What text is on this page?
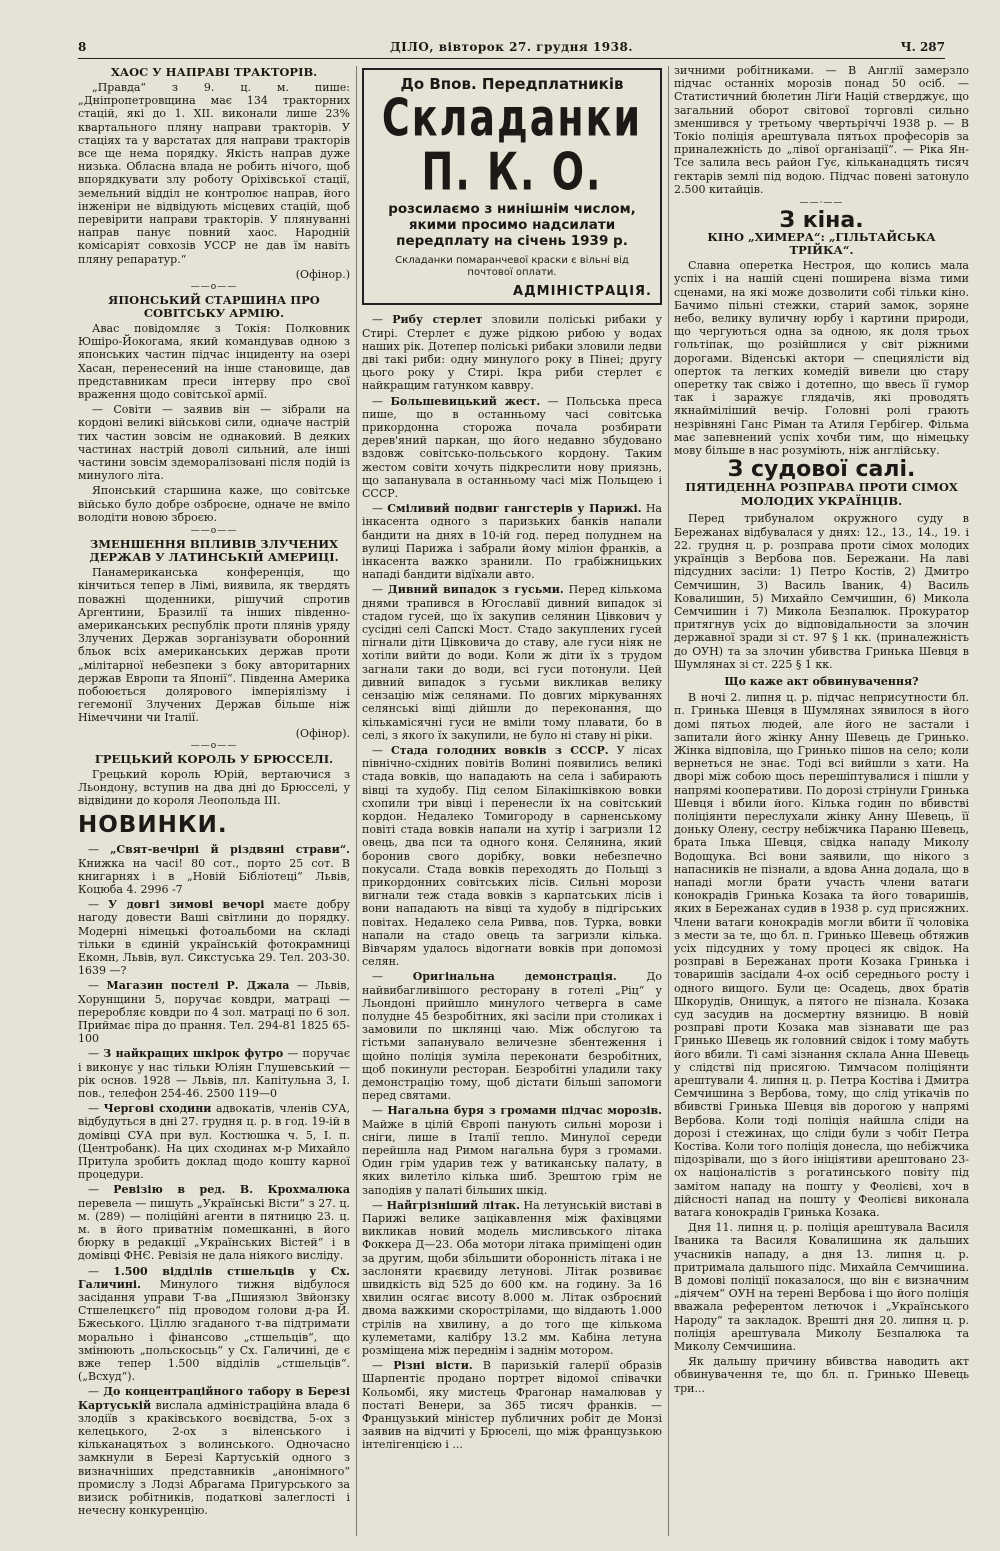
8	ДІЛО, вівторок 27. грудня 1938.	Ч. 287
ХАОС У НАПРАВІ ТРАКТОРІВ.

„Правда“ з 9. ц. м. пише: „Дніпропетровщина має 134 тракторних стацій, які до 1. ХІІ. виконали лише 23% квартального пляну направи тракторів. У стаціях та у варстатах для направи тракторів все ще нема порядку. Якість направ дуже низька. Обласна влада не робить нічого, щоб впорядкувати злу роботу Оріхівської стації, земельний відділ не контролює направ, його інженіри не відвідують місцевих стацій, щоб перевірити направи тракторів. У плянуванні направ панує повний хаос. Народній комісаріят совхозів УССР не дав їм навіть пляну репаратур.“

(Офінор.)
——o——
ЯПОНСЬКИЙ СТАРШИНА ПРО СОВІТСЬКУ АРМІЮ.

Авас повідомляє з Токія: Полковник Юшіро-Йокогама, який командував одною з японських частин підчас інциденту на озері Хасан, перенесений на інше становище, дав представникам преси інтерву про свої враження щодо совітської армії.

— Совіти — заявив він — зібрали на кордоні великі військові сили, одначе настрій тих частин зовсім не однаковий. В деяких частинах настрій доволі сильний, але інші частини зовсім здеморалізовані після подій із минулого літа.

Японський старшина каже, що совітське військо було добре озброєне, одначе не вміло володіти новою зброєю.

——o——
ЗМЕНШЕННЯ ВПЛИВІВ ЗЛУЧЕНИХ ДЕРЖАВ У ЛАТИНСЬКІЙ АМЕРИЦІ.

Панамериканська конференція, що кінчиться тепер в Лімі, виявила, як твердять поважні щоденники, рішучий спротив Аргентини, Бразилії та інших південно-американських республік проти плянів уряду Злучених Держав зорганізувати оборонний бльок всіх американських держав проти „мілітарної небезпеки з боку авторитарних держав Европи та Японії“. Південна Америка побоюється долярового імперіялізму і гегемонії Злучених Держав більше ніж Німеччини чи Італії.

(Офінор).
——o——
ГРЕЦЬКИЙ КОРОЛЬ У БРЮССЕЛІ.

Грецький король Юрій, вертаючися з Льондону, вступив на два дні до Брюсселі, у відвідини до короля Леопольда ІІІ.

НОВИНКИ.

— „Свят-вечірні й різдвяні страви“. Книжка на часі! 80 сот., порто 25 сот. В книгарнях і в „Новій Бібліотеці“ Львів, Коцюба 4. 2996 -7

— У довгі зимові вечорі маєте добру нагоду довести Ваші світлини до порядку. Модерні німецькі фотоальбоми на складі тільки в єдиній українській фотокрамниці Екомн, Львів, вул. Сикстуська 29. Тел. 203-30. 1639 —?

— Магазин постелі Р. Джала — Львів, Хорунщини 5, поручає ковдри, матраці — переробляє ковдри по 4 зол. матраці по 6 зол. Приймає піра до прання. Тел. 294-81 1825 65-100

— З найкращих шкірок футро — поручає і виконує у нас тільки Юліян Глушевський — рік основ. 1928 — Львів, пл. Капітульна 3, І. пов., телефон 254-46. 2500 119—0

— Чергові сходини адвокатів, членів СУА, відбудуться в дні 27. грудня ц. р. в год. 19-ій в домівці СУА при вул. Костюшка ч. 5, І. п. (Центробанк). На цих сходинах м-р Михайло Притула зробить доклад щодо кошту карної процедури.

— Ревізію в ред. В. Крохмалюка перевела — пишуть „Українські Вісти“ з 27. ц. м. (289) — поліційні агенти в пятницю 23. ц. м. в його приватнім помешканні, в його бюрку в редакції „Українських Вістей“ і в домівці ФНЄ. Ревізія не дала ніякого висліду.

— 1.500 відділів стшельців у Сх. Галичині. Минулого тижня відбулося засідання управи Т-ва „Пшиязюл Звйонзку Стшелецкєго“ під проводом голови д-ра Й. Бжеського. Ціллю згаданого т-ва підтримати морально і фінансово „стшельців“, що змінюють „польскосьць“ у Сх. Галичині, де є вже тепер 1.500 відділів „стшельців“. („Всхуд“).

— До концентраційного табору в Березі Картуській вислала адміністраційна влада 6 злодіїв з краківського воєвідства, 5-ох з келецького, 2-ох з віленського і кільканацятьох з волинського. Одночасно замкнули в Березі Картуській одного з визначніших представників „анонімного“ промислу з Лодзі Абрагама Пригурського за визиск робітників, податкові залеглості і нечесну конкуренцію.

До Впов. Передплатників
Складанки П. К. О.
розсилаємо з нинішнім числом, якими просимо надсилати передплату на січень 1939 р.
Складанки помаранчевої краски є вільні від почтової оплати.
АДМІНІСТРАЦІЯ.

— Рибу стерлет зловили поліські рибаки у Стирі. Стерлет є дуже рідкою рибою у водах наших рік. Дотепер поліські рибаки зловили ледви дві такі риби: одну минулого року в Пінеі; другу цього року у Стирі. Ікра риби стерлет є найкращим гатунком каввру.

— Большевицький жест. — Польська преса пише, що в останньому часі совітська прикордонна сторожа почала розбирати дерев'яний паркан, що його недавно збудовано вздовж совітсько-польського кордону. Таким жестом совіти хочуть підкреслити нову приязнь, що запанувала в останньому часі між Польщею і СССР.

— Сміливий подвиг гангстерів у Парижі. На інкасента одного з паризьких банків напали бандити на днях в 10-ій год. перед полуднем на вулиці Парижа і забрали йому міліон франків, а інкасента важко зранили. По грабіжницьких нападі бандити відїхали авто.

— Дивний випадок з гусьми. Перед кількома днями трапився в Югославії дивний випадок зі стадом гусей, що їх закупив селянин Цівкович у сусідні селі Сапскі Мост. Стадо закуплених гусей пігнали діти Цівковича до ставу, але гуси ніяк не хотіли вийти до води. Коли ж діти їх з трудом загнали таки до води, всі гуси потонули. Цей дивний випадок з гусьми викликав велику сензацію між селянами. По довгих міркуваннях селянські віщі дійшли до переконання, що кількамісячні гуси не вміли тому плавати, бо в селі, з якого їх закупили, не було ні ставу ні ріки.

— Стада голодних вовків з СССР. У лісах північно-східних повітів Волині появились великі стада вовків, що нападають на села і забирають вівці та худобу. Під селом Білакішківкою вовки схопили три вівці і перенесли їх на совітський кордон. Недалеко Томигороду в сарненському повіті стада вовків напали на хутір і загризли 12 овець, два пси та одного коня. Селянина, який боронив свого дорібку, вовки небезпечно покусали. Стада вовків переходять до Польщі з прикордонних совітських лісів. Сильні морози вигнали теж стада вовків з карпатських лісів і вони нападають на вівці та худобу в підгірських повітах. Недалеко села Ривва, пов. Турка, вовки напали на стадо овець та загризли кілька. Вівчарям удалось відогнати вовків при допомозі селян.

— Оригінальна демонстрація. До найвибагливішого ресторану в готелі „Ріц“ у Льондоні прийшло минулого четверга в саме полудне 45 безробітних, які засіли при столиках і замовили по шклянці чаю. Між обслугою та гістьми запанувало величезне збентеження і щойно поліція зуміла переконати безробітних, щоб покинули ресторан. Безробітні уладили таку демонстрацію тому, щоб дістати більші запомоги перед святами.

— Нагальна буря з громами підчас морозів. Майже в цілій Європі панують сильні морози і сніги, лише в Італії тепло. Минулої середи перейшла над Римом нагальна буря з громами. Один грім ударив теж у ватиканську палату, в яких вилетіло кілька шиб. Зрештою грім не заподіяв у палаті більших шкід.

— Найгрізніший літак. На летунській виставі в Парижі велике зацікавлення між фахівцями викликав новий модель мисливського літака Фоккера Д—23. Оба мотори літака приміщені один за другим, щоби збільшити оборонність літака і не заслоняти краєвиду летунові. Літак розвиває швидкість від 525 до 600 км. на годину. За 16 хвилин осягає висоту 8.000 м. Літак озброєний двома важкими скорострілами, що віддають 1.000 стрілів на хвилину, а до того ще кількома кулеметами, калібру 13.2 мм. Кабіна летуна розміщена між переднім і заднім мотором.

— Різні вісти. В паризькій галерії образів Шарпентіє продано портрет відомої співачки Кольомбі, яку мистець Фрагонар намалював у постаті Венери, за 365 тисяч франків. — Французький міністер публичних робіт де Монзі заявив на відчиті у Брюселі, що між французькою інтелігенцією і ...

зичними робітниками. — В Англії замерзло підчас останніх морозів понад 50 осіб. — Статистичний бюлетин Ліґи Націй стверджує, що загальний оборот світової торговлі сильно зменшився у третьому чвертьріччі 1938 р. — В Токіо поліція арештувала пятьох професорів за приналежність до „лівої організації“. — Ріка Ян-Тсе залила весь район Гує, кільканадцять тисяч гектарів землі під водою. Підчас повені затонуло 2.500 китайців.

——·——
З кіна.
КІНО „ХИМЕРА“: „ГІЛЬТАЙСЬКА ТРІЙКА“.

Славна оперетка Нестроя, що колись мала успіх і на нашій сцені поширена візма тими сценами, на які може дозволити собі тільки кіно. Бачимо пільні стежки, старий замок, зоряне небо, велику вуличну юрбу і картини природи, що чергуються одна за одною, як доля трьох гольтіпак, що розійшлися у світ ріжними дорогами. Віденські актори — специялісти від оперток та легких комедій вивели цю стару оперетку так свіжо і дотепно, що ввесь її гумор так і заражує глядачів, які проводять якнайміліший вечір. Головні ролі грають незрівняні Ганс Ріман та Атиля Гербігер. Фільма має запевнений успіх хочби тим, що німецьку мову більше в нас розуміють, ніж англійську.

З судової салі.
ПЯТИДЕННА РОЗПРАВА ПРОТИ СІМОХ МОЛОДИХ УКРАЇНЦІВ.

Перед трибуналом окружного суду в Бережанах відбувалася у днях: 12., 13., 14., 19. і 22. грудня ц. р. розправа проти сімох молодих українців з Вербова пов. Бережани. На лаві підсудних засіли: 1) Петро Костів, 2) Дмитро Семчишин, 3) Василь Іваник, 4) Василь Ковалишин, 5) Михайло Семчишин, 6) Микола Семчишин і 7) Микола Безпалюк. Прокуратор притягнув усіх до відповідальности за злочин державної зради зі ст. 97 § 1 кк. (приналежність до ОУН) та за злочин убивства Гринька Шевця в Шумлянах зі ст. 225 § 1 кк.

Що каже акт обвинувачення?

В ночі 2. липня ц. р. підчас неприсутности бл. п. Гринька Шевця в Шумлянах зявилося в його домі пятьох людей, але його не застали і запитали його жінку Анну Шевець де Гринько. Жінка відповіла, що Гринько пішов на село; коли вернеться не знає. Тоді всі вийшли з хати. На дворі між собою щось перешіптувалися і пішли у напрямі кооперативи. По дорозі стрінули Гринька Шевця і вбили його. Кілька годин по вбивстві поліціянти переслухали жінку Анну Шевець, її доньку Олену, сестру небіжчика Параню Шевець, брата Ілька Шевця, свідка нападу Миколу Водощука. Всі вони заявили, що нікого з напасників не пізнали, а вдова Анна додала, що в нападі могли брати участь члени ватаги конокрадів Гринька Козака та його товаришів, яких в Бережанах судив в 1938 р. суд присяжних. Члени ватаги конокрадів могли вбити її чоловіка з мести за те, що бл. п. Гринько Шевець обтяжив усіх підсудних у тому процесі як свідок. На розправі в Бережанах проти Козака Гринька і товаришів засідали 4-ох осіб середнього росту і одного вищого. Були це: Осадець, двох братів Шкорудів, Онищук, а пятого не пізнала. Козака суд засудив на досмертну вязницю. В новій розправі проти Козака мав зізнавати ще раз Гринько Шевець як головний свідок і тому мабуть його вбили. Ті самі зізнання склала Анна Шевець у слідстві під присягою. Тимчасом поліціянти арештували 4. липня ц. р. Петра Костіва і Дмитра Семчишина з Вербова, тому, що слід утікачів по вбивстві Гринька Шевця вів дорогою у напрямі Вербова. Коли тоді поліція найшла сліди на дорозі і стежинах, що сліди були з чобіт Петра Костіва. Коли того поліція донесла, що небіжчика підозрівали, що з його ініціятиви арештовано 23-ох націоналістів з рогатинського повіту під замітом нападу на пошту у Феолієві, хоч в дійсності напад на пошту у Феолієві виконала ватага конокрадів Гринька Козака.

Дня 11. липня ц. р. поліція арештувала Василя Іваника та Василя Ковалишина як дальших учасників нападу, а дня 13. липня ц. р. притримала дальшого підс. Михайла Семчишина. В домові поліції показалося, що він є визначним „діячем“ ОУН на терені Вербова і що його поліція вважала референтом летючок і „Українського Народу“ та закладок. Врешті дня 20. липня ц. р. поліція арештувала Миколу Безпалюка та Миколу Семчишина.

Як дальшу причину вбивства наводить акт обвинувачення те, що бл. п. Гринько Шевець три...
